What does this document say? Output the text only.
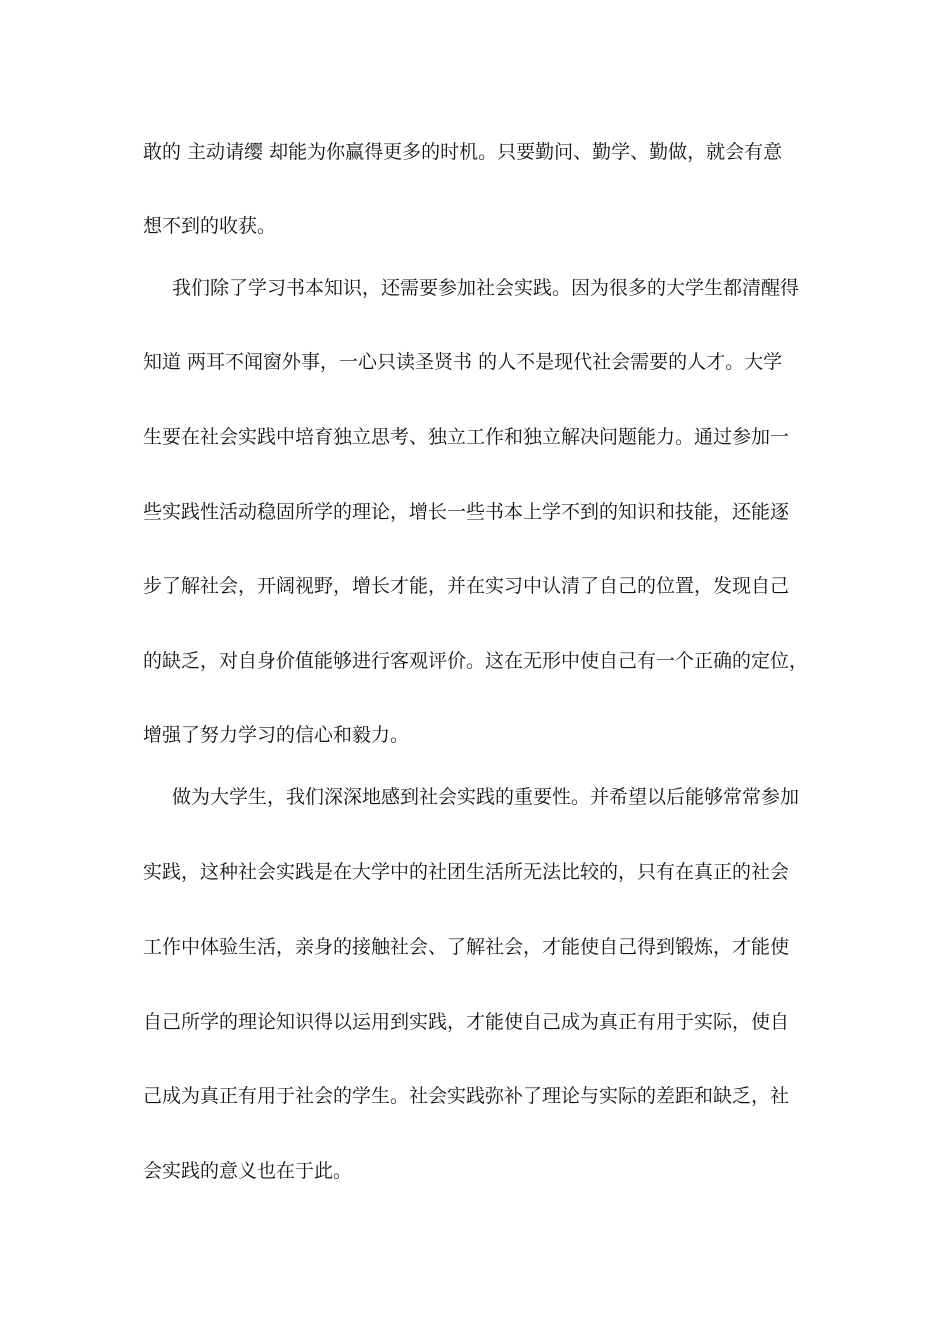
敢的 主动请缨 却能为你赢得更多的时机。只要勤问、勤学、勤做，就会有意
想不到的收获。
我们除了学习书本知识，还需要参加社会实践。因为很多的大学生都清醒得
知道 两耳不闻窗外事，一心只读圣贤书 的人不是现代社会需要的人才。大学
生要在社会实践中培育独立思考、独立工作和独立解决问题能力。通过参加一
些实践性活动稳固所学的理论，增长一些书本上学不到的知识和技能，还能逐
步了解社会，开阔视野，增长才能，并在实习中认清了自己的位置，发现自己
的缺乏，对自身价值能够进行客观评价。这在无形中使自己有一个正确的定位，
增强了努力学习的信心和毅力。
做为大学生，我们深深地感到社会实践的重要性。并希望以后能够常常参加
实践，这种社会实践是在大学中的社团生活所无法比较的，只有在真正的社会
工作中体验生活，亲身的接触社会、了解社会，才能使自己得到锻炼，才能使
自己所学的理论知识得以运用到实践，才能使自己成为真正有用于实际，使自
己成为真正有用于社会的学生。社会实践弥补了理论与实际的差距和缺乏，社
会实践的意义也在于此。
